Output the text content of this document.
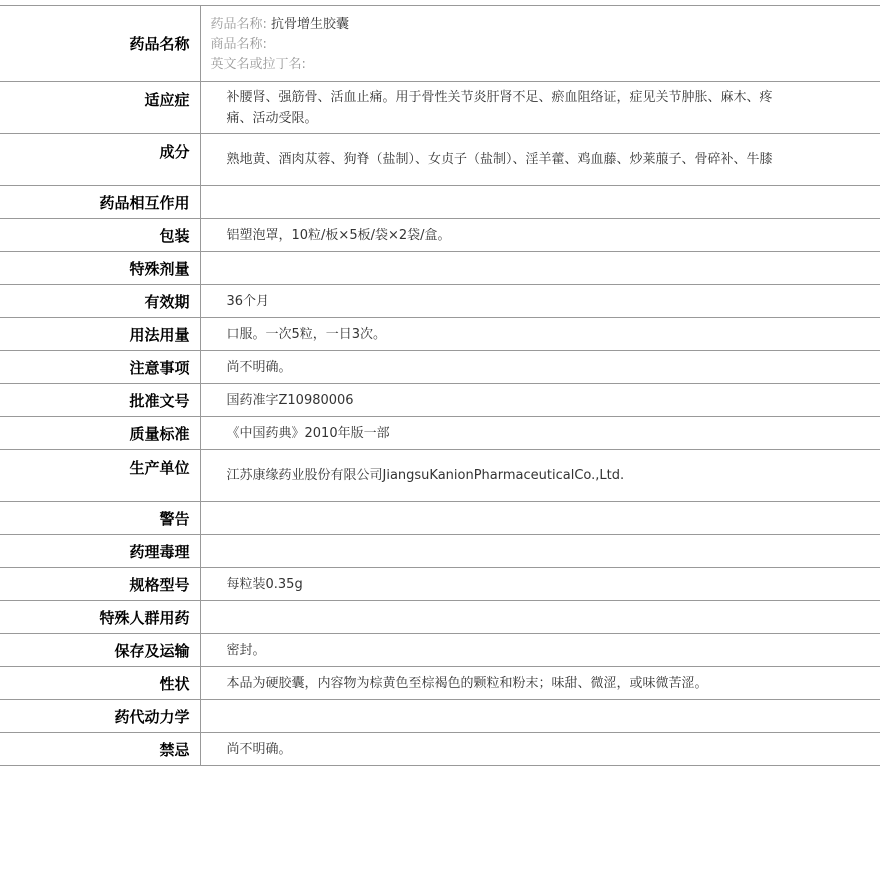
药品名称	药品名称: 抗骨增生胶囊
商品名称:
英文名或拉丁名:

适应症	补腰肾、强筋骨、活血止痛。用于骨性关节炎肝肾不足、瘀血阻络证，症见关节肿胀、麻木、疼痛、活动受限。
成分	熟地黄、酒肉苁蓉、狗脊（盐制）、女贞子（盐制）、淫羊藿、鸡血藤、炒莱菔子、骨碎补、牛膝
药品相互作用	
包装	铝塑泡罩，10粒/板×5板/袋×2袋/盒。
特殊剂量	
有效期	36个月
用法用量	口服。一次5粒，一日3次。
注意事项	尚不明确。
批准文号	国药准字Z10980006
质量标准	《中国药典》2010年版一部
生产单位	江苏康缘药业股份有限公司JiangsuKanionPharmaceuticalCo.,Ltd.
警告	
药理毒理	
规格型号	每粒装0.35g
特殊人群用药	
保存及运输	密封。
性状	本品为硬胶囊，内容物为棕黄色至棕褐色的颗粒和粉末；味甜、微涩，或味微苦涩。
药代动力学	
禁忌	尚不明确。
